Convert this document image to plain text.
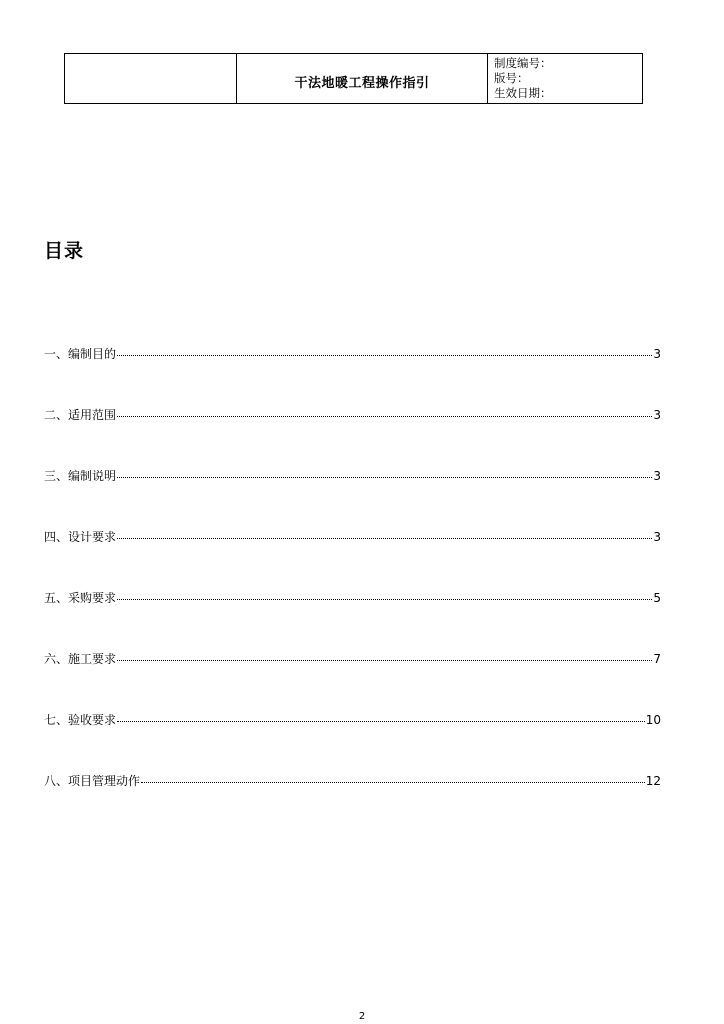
干法地暖工程操作指引

制度编号：
版号：
生效日期：
目录
一、编制目的	3
二、适用范围	3
三、编制说明	3
四、设计要求	3
五、采购要求	5
六、施工要求	7
七、验收要求	10
八、项目管理动作	12
2
